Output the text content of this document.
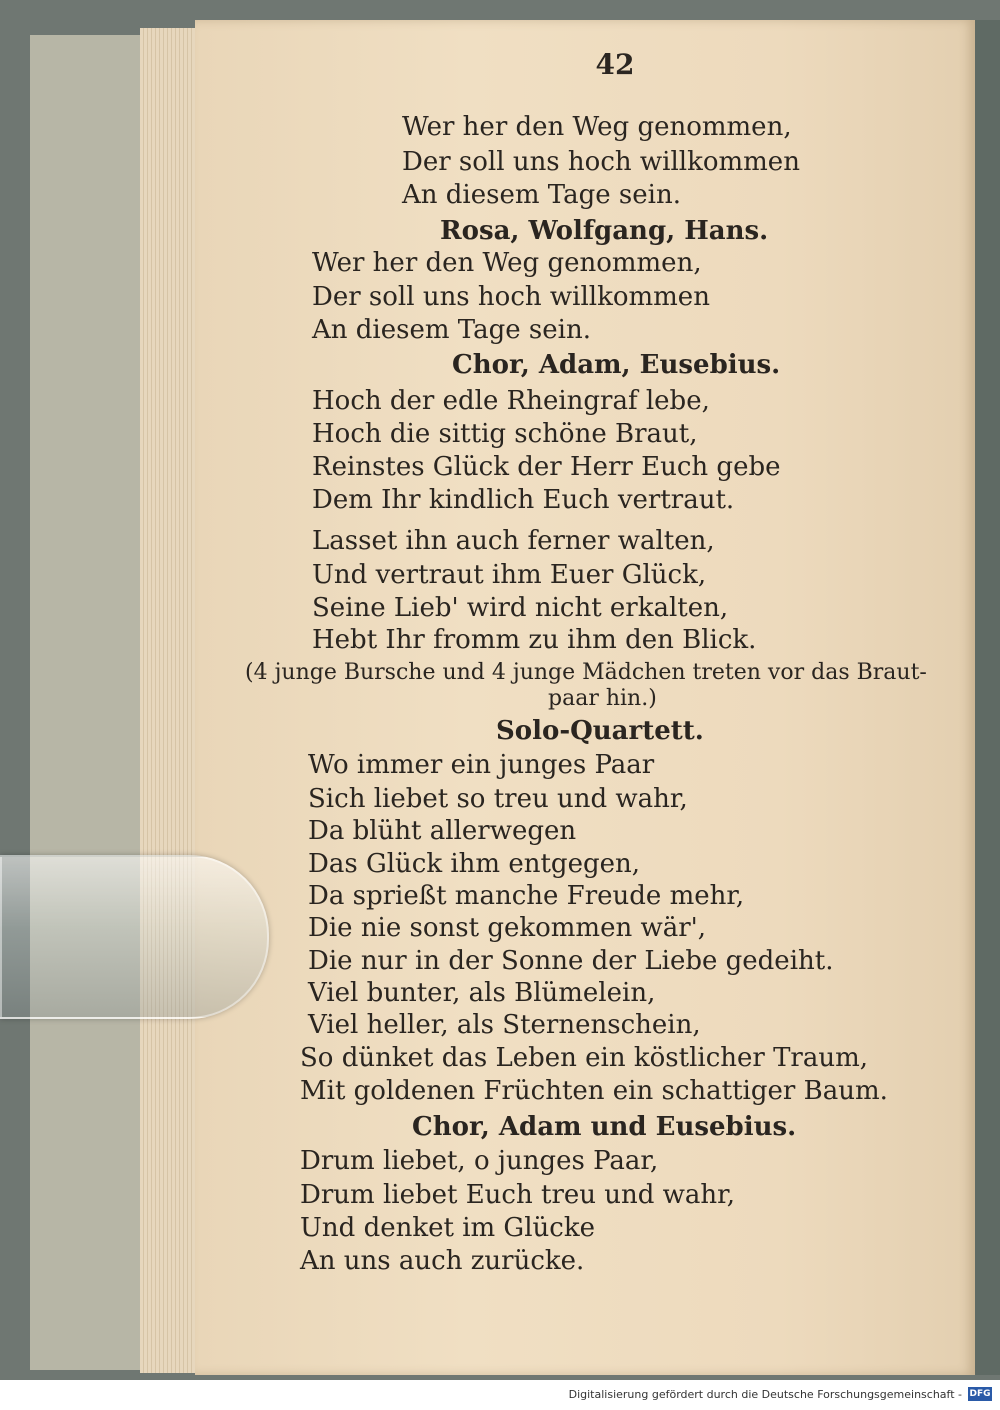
42
Wer her den Weg genommen,
Der soll uns hoch willkommen
An diesem Tage sein.
Rosa, Wolfgang, Hans.
Wer her den Weg genommen,
Der soll uns hoch willkommen
An diesem Tage sein.
Chor, Adam, Eusebius.
Hoch der edle Rheingraf lebe,
Hoch die sittig schöne Braut,
Reinstes Glück der Herr Euch gebe
Dem Ihr kindlich Euch vertraut.
Lasset ihn auch ferner walten,
Und vertraut ihm Euer Glück,
Seine Lieb' wird nicht erkalten,
Hebt Ihr fromm zu ihm den Blick.
(4 junge Bursche und 4 junge Mädchen treten vor das Braut-
paar hin.)
Solo-Quartett.
Wo immer ein junges Paar
Sich liebet so treu und wahr,
Da blüht allerwegen
Das Glück ihm entgegen,
Da sprießt manche Freude mehr,
Die nie sonst gekommen wär',
Die nur in der Sonne der Liebe gedeiht.
Viel bunter, als Blümelein,
Viel heller, als Sternenschein,
So dünket das Leben ein köstlicher Traum,
Mit goldenen Früchten ein schattiger Baum.
Chor, Adam und Eusebius.
Drum liebet, o junges Paar,
Drum liebet Euch treu und wahr,
Und denket im Glücke
An uns auch zurücke.
Digitalisierung gefördert durch die Deutsche Forschungsgemeinschaft - DFG
